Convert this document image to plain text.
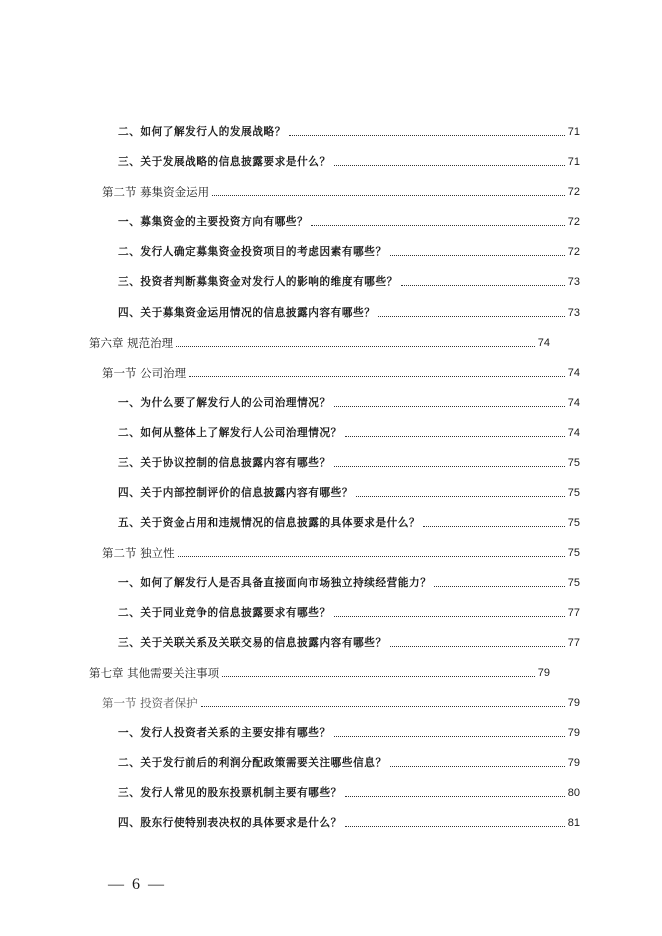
二、如何了解发行人的发展战略？	71
三、关于发展战略的信息披露要求是什么？	71
第二节 募集资金运用	72
一、募集资金的主要投资方向有哪些？	72
二、发行人确定募集资金投资项目的考虑因素有哪些？	72
三、投资者判断募集资金对发行人的影响的维度有哪些？	73
四、关于募集资金运用情况的信息披露内容有哪些？	73
第六章 规范治理	74
第一节 公司治理	74
一、为什么要了解发行人的公司治理情况？	74
二、如何从整体上了解发行人公司治理情况？	74
三、关于协议控制的信息披露内容有哪些？	75
四、关于内部控制评价的信息披露内容有哪些？	75
五、关于资金占用和违规情况的信息披露的具体要求是什么？	75
第二节 独立性	75
一、如何了解发行人是否具备直接面向市场独立持续经营能力？	75
二、关于同业竞争的信息披露要求有哪些？	77
三、关于关联关系及关联交易的信息披露内容有哪些？	77
第七章 其他需要关注事项	79
第一节 投资者保护	79
一、发行人投资者关系的主要安排有哪些？	79
二、关于发行前后的利润分配政策需要关注哪些信息？	79
三、发行人常见的股东投票机制主要有哪些？	80
四、股东行使特别表决权的具体要求是什么？	81
— 6 —
